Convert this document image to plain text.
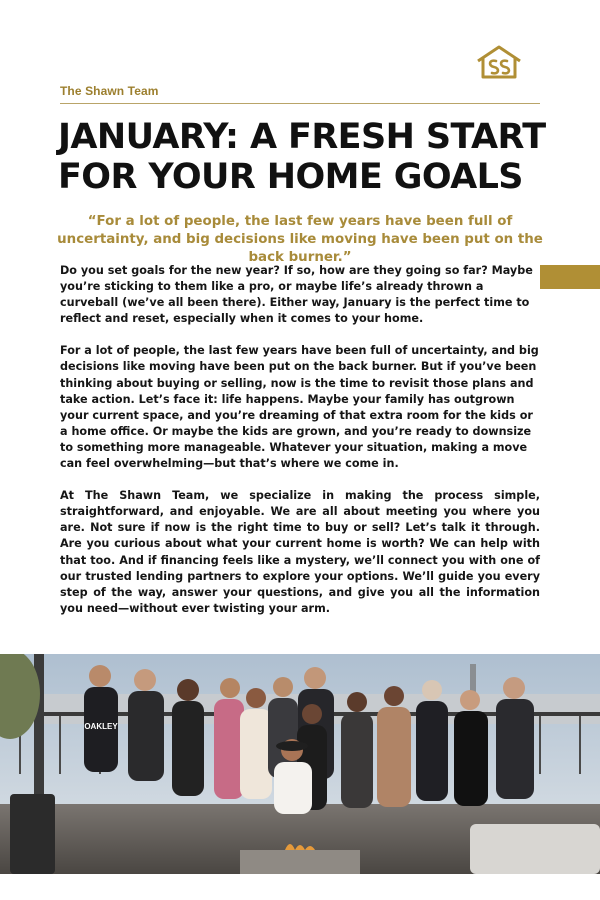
The Shawn Team
JANUARY: A FRESH START
FOR YOUR HOME GOALS
“For a lot of people, the last few years have been full of uncertainty, and big decisions like moving have been put on the back burner.”

Do you set goals for the new year? If so, how are they going so far? Maybe you’re sticking to them like a pro, or maybe life’s already thrown a curveball (we’ve all been there). Either way, January is the perfect time to reflect and reset, especially when it comes to your home.

For a lot of people, the last few years have been full of uncertainty, and big decisions like moving have been put on the back burner. But if you’ve been thinking about buying or selling, now is the time to revisit those plans and take action. Let’s face it: life happens. Maybe your family has outgrown your current space, and you’re dreaming of that extra room for the kids or a home office. Or maybe the kids are grown, and you’re ready to downsize to something more manageable. Whatever your situation, making a move can feel overwhelming—but that’s where we come in.

At The Shawn Team, we specialize in making the process simple, straightforward, and enjoyable. We are all about meeting you where you are. Not sure if now is the right time to buy or sell? Let’s talk it through. Are you curious about what your current home is worth? We can help with that too. And if financing feels like a mystery, we’ll connect you with one of our trusted lending partners to explore your options. We’ll guide you every step of the way, answer your questions, and give you all the information you need—without ever twisting your arm.

OAKLEY
